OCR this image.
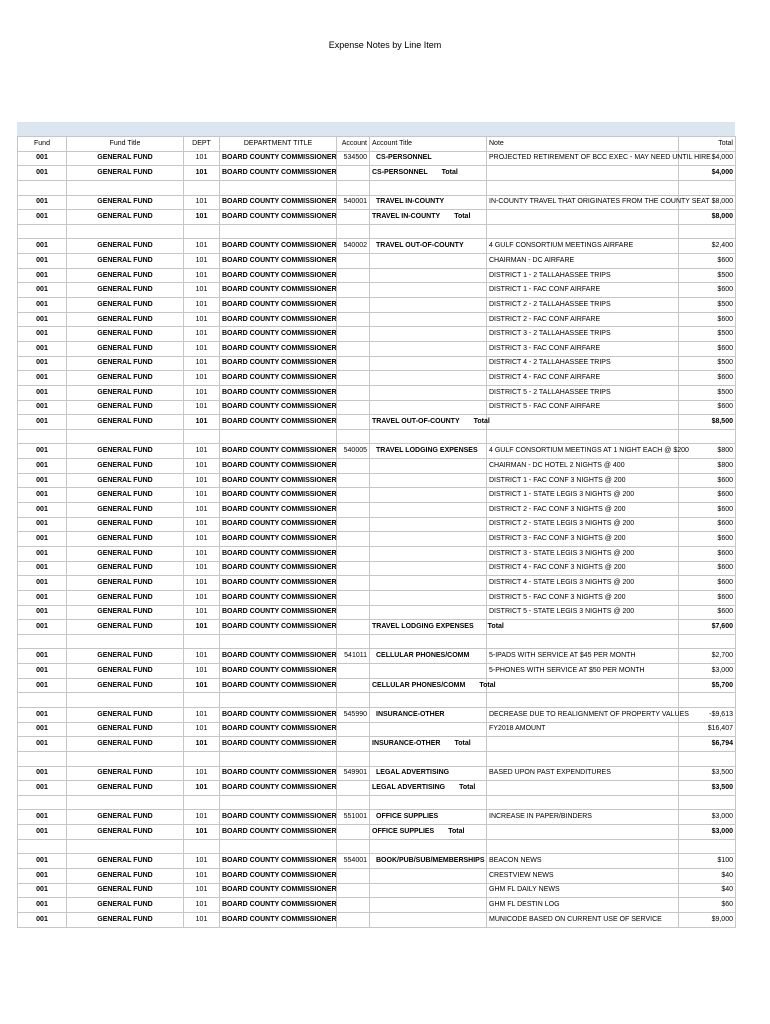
Expense Notes by Line Item
Fund	Fund Title	DEPT	DEPARTMENT TITLE	Account	Account Title	Note	Total
001	GENERAL FUND	101	BOARD COUNTY COMMISSIONER	534500	CS-PERSONNEL	PROJECTED RETIREMENT OF BCC EXEC - MAY NEED UNTIL HIRE	$4,000
001	GENERAL FUND	101	BOARD COUNTY COMMISSIONER		CS-PERSONNEL Total		$4,000

001	GENERAL FUND	101	BOARD COUNTY COMMISSIONER	540001	TRAVEL IN-COUNTY	IN-COUNTY TRAVEL THAT ORIGINATES FROM THE COUNTY SEAT	$8,000
001	GENERAL FUND	101	BOARD COUNTY COMMISSIONER		TRAVEL IN-COUNTY Total		$8,000

001	GENERAL FUND	101	BOARD COUNTY COMMISSIONER	540002	TRAVEL OUT-OF-COUNTY	4 GULF CONSORTIUM MEETINGS AIRFARE	$2,400
001	GENERAL FUND	101	BOARD COUNTY COMMISSIONER			CHAIRMAN - DC AIRFARE	$600
001	GENERAL FUND	101	BOARD COUNTY COMMISSIONER			DISTRICT 1 - 2 TALLAHASSEE TRIPS	$500
001	GENERAL FUND	101	BOARD COUNTY COMMISSIONER			DISTRICT 1 - FAC CONF AIRFARE	$600
001	GENERAL FUND	101	BOARD COUNTY COMMISSIONER			DISTRICT 2 - 2 TALLAHASSEE TRIPS	$500
001	GENERAL FUND	101	BOARD COUNTY COMMISSIONER			DISTRICT 2 - FAC CONF AIRFARE	$600
001	GENERAL FUND	101	BOARD COUNTY COMMISSIONER			DISTRICT 3 - 2 TALLAHASSEE TRIPS	$500
001	GENERAL FUND	101	BOARD COUNTY COMMISSIONER			DISTRICT 3 - FAC CONF AIRFARE	$600
001	GENERAL FUND	101	BOARD COUNTY COMMISSIONER			DISTRICT 4 - 2 TALLAHASSEE TRIPS	$500
001	GENERAL FUND	101	BOARD COUNTY COMMISSIONER			DISTRICT 4 - FAC CONF AIRFARE	$600
001	GENERAL FUND	101	BOARD COUNTY COMMISSIONER			DISTRICT 5 - 2 TALLAHASSEE TRIPS	$500
001	GENERAL FUND	101	BOARD COUNTY COMMISSIONER			DISTRICT 5 - FAC CONF AIRFARE	$600
001	GENERAL FUND	101	BOARD COUNTY COMMISSIONER		TRAVEL OUT-OF-COUNTY Total		$8,500

001	GENERAL FUND	101	BOARD COUNTY COMMISSIONER	540005	TRAVEL LODGING EXPENSES	4 GULF CONSORTIUM MEETINGS AT 1 NIGHT EACH @ $200	$800
001	GENERAL FUND	101	BOARD COUNTY COMMISSIONER			CHAIRMAN - DC HOTEL 2 NIGHTS @ 400	$800
001	GENERAL FUND	101	BOARD COUNTY COMMISSIONER			DISTRICT 1 - FAC CONF 3 NIGHTS @ 200	$600
001	GENERAL FUND	101	BOARD COUNTY COMMISSIONER			DISTRICT 1 - STATE LEGIS 3 NIGHTS @ 200	$600
001	GENERAL FUND	101	BOARD COUNTY COMMISSIONER			DISTRICT 2 - FAC CONF 3 NIGHTS @ 200	$600
001	GENERAL FUND	101	BOARD COUNTY COMMISSIONER			DISTRICT 2 - STATE LEGIS 3 NIGHTS @ 200	$600
001	GENERAL FUND	101	BOARD COUNTY COMMISSIONER			DISTRICT 3 - FAC CONF 3 NIGHTS @ 200	$600
001	GENERAL FUND	101	BOARD COUNTY COMMISSIONER			DISTRICT 3 - STATE LEGIS 3 NIGHTS @ 200	$600
001	GENERAL FUND	101	BOARD COUNTY COMMISSIONER			DISTRICT 4 - FAC CONF 3 NIGHTS @ 200	$600
001	GENERAL FUND	101	BOARD COUNTY COMMISSIONER			DISTRICT 4 - STATE LEGIS 3 NIGHTS @ 200	$600
001	GENERAL FUND	101	BOARD COUNTY COMMISSIONER			DISTRICT 5 - FAC CONF 3 NIGHTS @ 200	$600
001	GENERAL FUND	101	BOARD COUNTY COMMISSIONER			DISTRICT 5 - STATE LEGIS 3 NIGHTS @ 200	$600
001	GENERAL FUND	101	BOARD COUNTY COMMISSIONER		TRAVEL LODGING EXPENSES Total		$7,600

001	GENERAL FUND	101	BOARD COUNTY COMMISSIONER	541011	CELLULAR PHONES/COMM	5-IPADS WITH SERVICE AT $45 PER MONTH	$2,700
001	GENERAL FUND	101	BOARD COUNTY COMMISSIONER			5-PHONES WITH SERVICE AT $50 PER MONTH	$3,000
001	GENERAL FUND	101	BOARD COUNTY COMMISSIONER		CELLULAR PHONES/COMM Total		$5,700

001	GENERAL FUND	101	BOARD COUNTY COMMISSIONER	545990	INSURANCE-OTHER	DECREASE DUE TO REALIGNMENT OF PROPERTY VALUES	-$9,613
001	GENERAL FUND	101	BOARD COUNTY COMMISSIONER			FY2018 AMOUNT	$16,407
001	GENERAL FUND	101	BOARD COUNTY COMMISSIONER		INSURANCE-OTHER Total		$6,794

001	GENERAL FUND	101	BOARD COUNTY COMMISSIONER	549901	LEGAL ADVERTISING	BASED UPON PAST EXPENDITURES	$3,500
001	GENERAL FUND	101	BOARD COUNTY COMMISSIONER		LEGAL ADVERTISING Total		$3,500

001	GENERAL FUND	101	BOARD COUNTY COMMISSIONER	551001	OFFICE SUPPLIES	INCREASE IN PAPER/BINDERS	$3,000
001	GENERAL FUND	101	BOARD COUNTY COMMISSIONER		OFFICE SUPPLIES Total		$3,000

001	GENERAL FUND	101	BOARD COUNTY COMMISSIONER	554001	BOOK/PUB/SUB/MEMBERSHIPS	BEACON NEWS	$100
001	GENERAL FUND	101	BOARD COUNTY COMMISSIONER			CRESTVIEW NEWS	$40
001	GENERAL FUND	101	BOARD COUNTY COMMISSIONER			GHM FL DAILY NEWS	$40
001	GENERAL FUND	101	BOARD COUNTY COMMISSIONER			GHM FL DESTIN LOG	$60
001	GENERAL FUND	101	BOARD COUNTY COMMISSIONER			MUNICODE BASED ON CURRENT USE OF SERVICE	$9,000
